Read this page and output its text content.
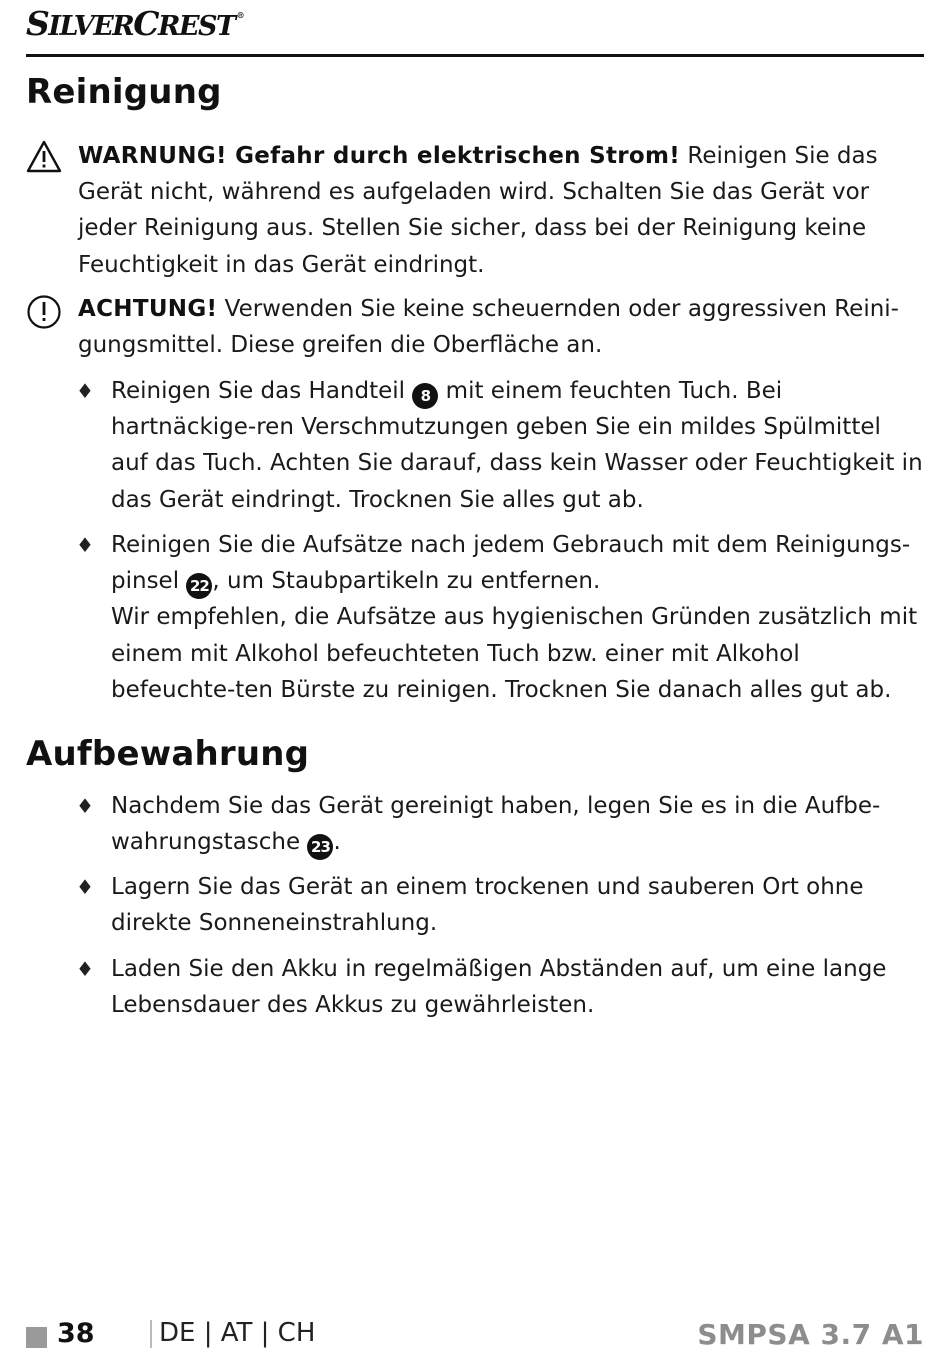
SILVERCREST ®
Reinigung

WARNUNG! Gefahr durch elektrischen Strom! Reinigen Sie das Gerät nicht, während es aufgeladen wird. Schalten Sie das Gerät vor jeder Reinigung aus. Stellen Sie sicher, dass bei der Reinigung keine Feuchtigkeit in das Gerät eindringt.

ACHTUNG! Verwenden Sie keine scheuernden oder aggressiven Reini-gungsmittel. Diese greifen die Oberfläche an.

♦ Reinigen Sie das Handteil 8 mit einem feuchten Tuch. Bei hartnäckige-ren Verschmutzungen geben Sie ein mildes Spülmittel auf das Tuch. Achten Sie darauf, dass kein Wasser oder Feuchtigkeit in das Gerät eindringt. Trocknen Sie alles gut ab.
♦ Reinigen Sie die Aufsätze nach jedem Gebrauch mit dem Reinigungs-pinsel 22 , um Staubpartikeln zu entfernen.
Wir empfehlen, die Aufsätze aus hygienischen Gründen zusätzlich mit einem mit Alkohol befeuchteten Tuch bzw. einer mit Alkohol befeuchte-ten Bürste zu reinigen. Trocknen Sie danach alles gut ab.
Aufbewahrung
♦ Nachdem Sie das Gerät gereinigt haben, legen Sie es in die Aufbe-wahrungstasche 23 .
♦ Lagern Sie das Gerät an einem trockenen und sauberen Ort ohne direkte Sonneneinstrahlung.
♦ Laden Sie den Akku in regelmäßigen Abständen auf, um eine lange Lebensdauer des Akkus zu gewährleisten.
38 DE | AT | CH	SMPSA 3.7 A1
